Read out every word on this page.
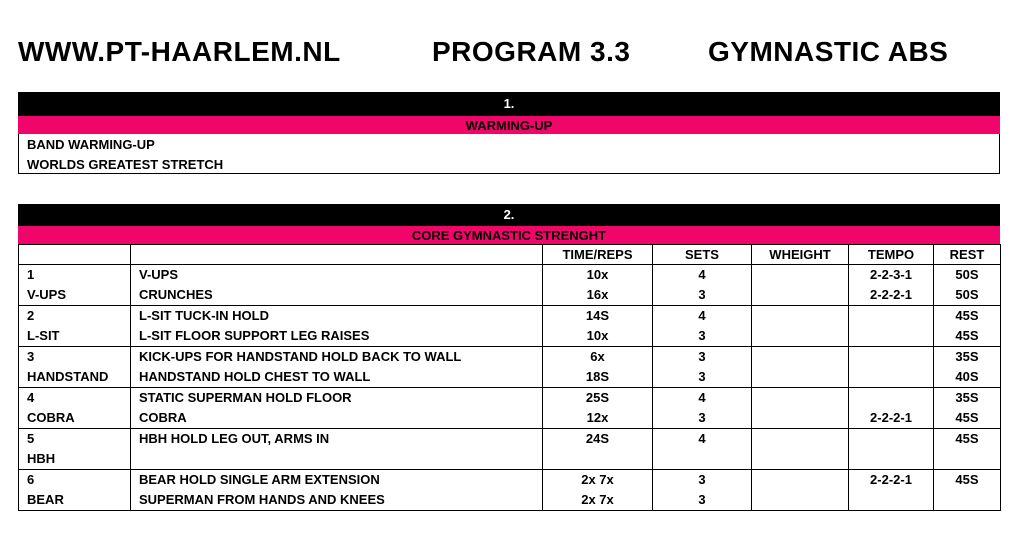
WWW.PT-HAARLEM.NL	PROGRAM 3.3	GYMNASTIC ABS
1.
WARMING-UP
BAND WARMING-UP
WORLDS GREATEST STRETCH
2.
CORE GYMNASTIC STRENGHT
		TIME/REPS	SETS	WHEIGHT	TEMPO	REST
1	V-UPS	10x	4		2-2-3-1	50S
V-UPS	CRUNCHES	16x	3		2-2-2-1	50S
2	L-SIT TUCK-IN HOLD	14S	4			45S
L-SIT	L-SIT FLOOR SUPPORT LEG RAISES	10x	3			45S
3	KICK-UPS FOR HANDSTAND HOLD BACK TO WALL	6x	3			35S
HANDSTAND	HANDSTAND HOLD CHEST TO WALL	18S	3			40S
4	STATIC SUPERMAN HOLD FLOOR	25S	4			35S
COBRA	COBRA	12x	3		2-2-2-1	45S
5	HBH HOLD LEG OUT, ARMS IN	24S	4			45S
HBH						
6	BEAR HOLD SINGLE ARM EXTENSION	2x 7x	3		2-2-2-1	45S
BEAR	SUPERMAN FROM HANDS AND KNEES	2x 7x	3			
